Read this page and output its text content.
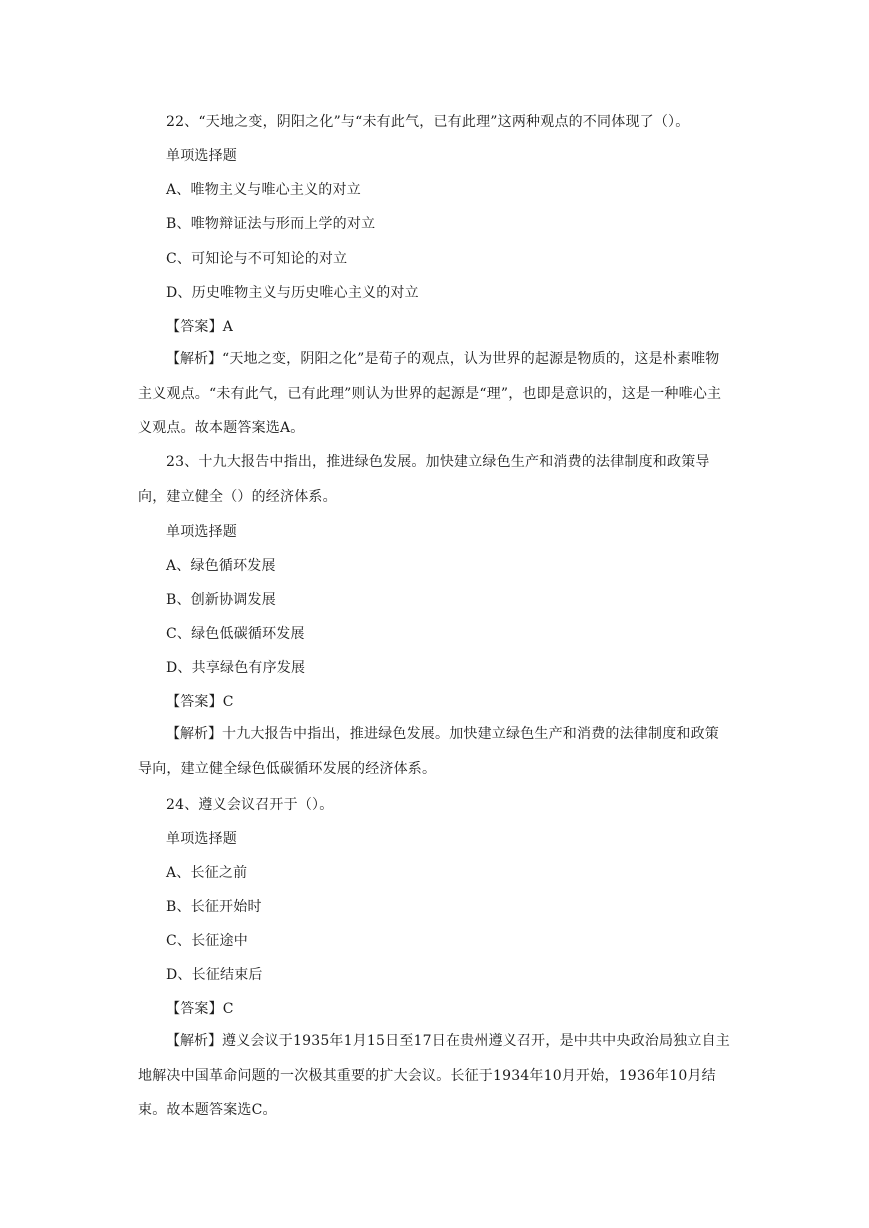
22、“天地之变，阴阳之化”与“未有此气，已有此理”这两种观点的不同体现了（）。
单项选择题
A、唯物主义与唯心主义的对立
B、唯物辩证法与形而上学的对立
C、可知论与不可知论的对立
D、历史唯物主义与历史唯心主义的对立
【答案】A
【解析】“天地之变，阴阳之化”是荀子的观点，认为世界的起源是物质的，这是朴素唯物主义观点。“未有此气，已有此理”则认为世界的起源是“理”，也即是意识的，这是一种唯心主义观点。故本题答案选A。
23、十九大报告中指出，推进绿色发展。加快建立绿色生产和消费的法律制度和政策导向，建立健全（）的经济体系。
单项选择题
A、绿色循环发展
B、创新协调发展
C、绿色低碳循环发展
D、共享绿色有序发展
【答案】C
【解析】十九大报告中指出，推进绿色发展。加快建立绿色生产和消费的法律制度和政策导向，建立健全绿色低碳循环发展的经济体系。
24、遵义会议召开于（）。
单项选择题
A、长征之前
B、长征开始时
C、长征途中
D、长征结束后
【答案】C
【解析】遵义会议于1935年1月15日至17日在贵州遵义召开，是中共中央政治局独立自主地解决中国革命问题的一次极其重要的扩大会议。长征于1934年10月开始，1936年10月结束。故本题答案选C。
